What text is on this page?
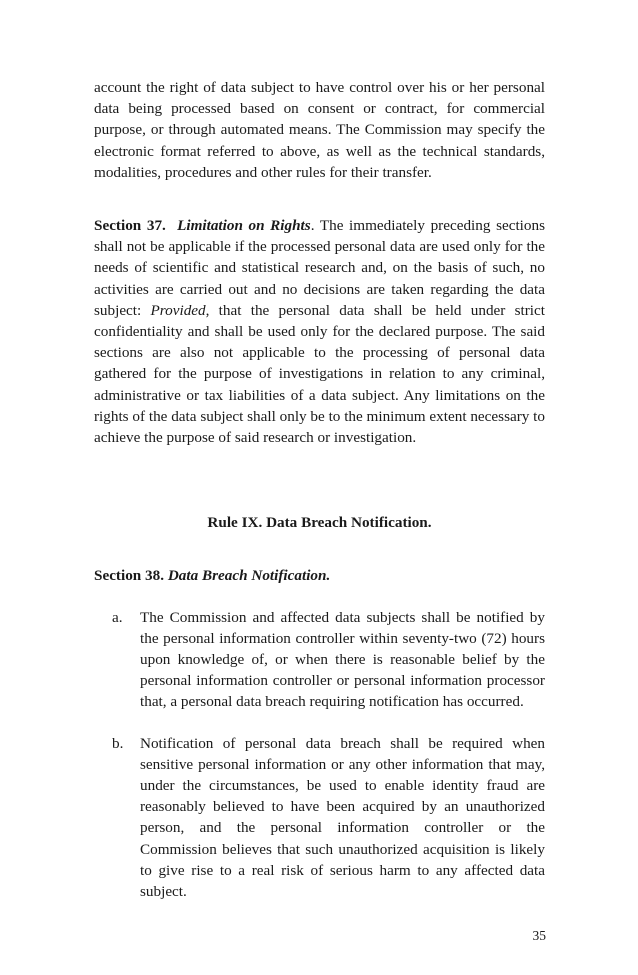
account the right of data subject to have control over his or her personal data being processed based on consent or contract, for commercial purpose, or through automated means. The Commission may specify the electronic format referred to above, as well as the technical standards, modalities, procedures and other rules for their transfer.

Section 37. Limitation on Rights. The immediately preceding sections shall not be applicable if the processed personal data are used only for the needs of scientific and statistical research and, on the basis of such, no activities are carried out and no decisions are taken regarding the data subject: Provided, that the personal data shall be held under strict confidentiality and shall be used only for the declared purpose. The said sections are also not applicable to the processing of personal data gathered for the purpose of investigations in relation to any criminal, administrative or tax liabilities of a data subject. Any limitations on the rights of the data subject shall only be to the minimum extent necessary to achieve the purpose of said research or investigation.

Rule IX. Data Breach Notification.

Section 38. Data Breach Notification.

a.	The Commission and affected data subjects shall be notified by the personal information controller within seventy-two (72) hours upon knowledge of, or when there is reasonable belief by the personal information controller or personal information processor that, a personal data breach requiring notification has occurred.
b.	Notification of personal data breach shall be required when sensitive personal information or any other information that may, under the circumstances, be used to enable identity fraud are reasonably believed to have been acquired by an unauthorized person, and the personal information controller or the Commission believes that such unauthorized acquisition is likely to give rise to a real risk of serious harm to any affected data subject.
35
